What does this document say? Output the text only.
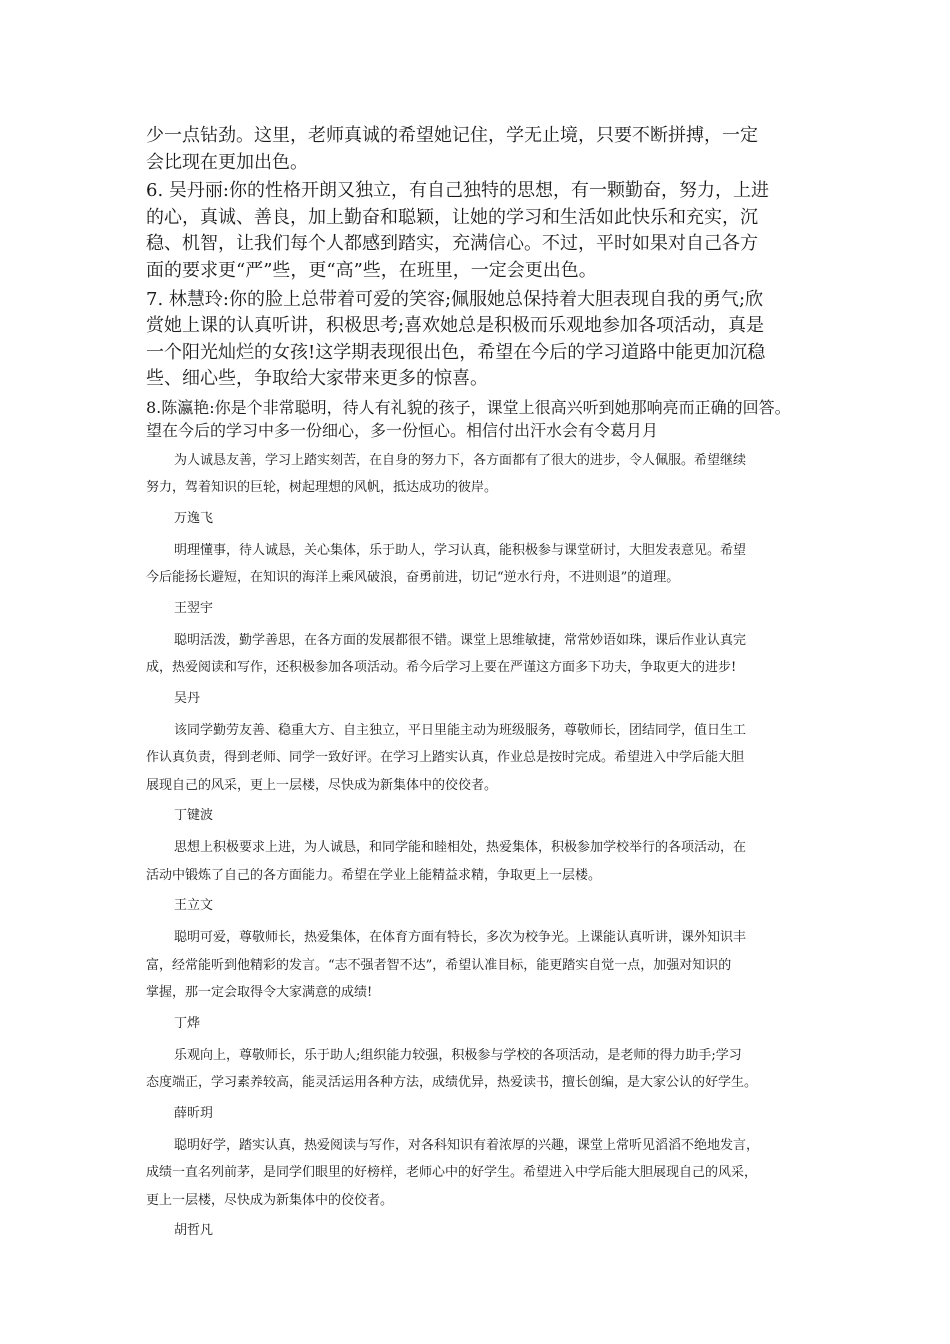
少一点钻劲。这里，老师真诚的希望她记住，学无止境，只要不断拼搏，一定

会比现在更加出色。

6. 吴丹丽:你的性格开朗又独立，有自己独特的思想，有一颗勤奋，努力，上进

的心，真诚、善良，加上勤奋和聪颖，让她的学习和生活如此快乐和充实，沉

稳、机智，让我们每个人都感到踏实，充满信心。不过，平时如果对自己各方

面的要求更“严”些，更“高”些，在班里，一定会更出色。

7. 林慧玲:你的脸上总带着可爱的笑容;佩服她总保持着大胆表现自我的勇气;欣

赏她上课的认真听讲，积极思考;喜欢她总是积极而乐观地参加各项活动，真是

一个阳光灿烂的女孩!这学期表现很出色，希望在今后的学习道路中能更加沉稳

些、细心些，争取给大家带来更多的惊喜。

8.陈瀛艳:你是个非常聪明，待人有礼貌的孩子，课堂上很高兴听到她那响亮而正确的回答。

望在今后的学习中多一份细心，多一份恒心。相信付出汗水会有令葛月月

为人诚恳友善，学习上踏实刻苦，在自身的努力下，各方面都有了很大的进步，令人佩服。希望继续

努力，驾着知识的巨轮，树起理想的风帆，抵达成功的彼岸。

万逸飞

明理懂事，待人诚恳，关心集体，乐于助人，学习认真，能积极参与课堂研讨，大胆发表意见。希望

今后能扬长避短，在知识的海洋上乘风破浪，奋勇前进，切记“逆水行舟，不进则退”的道理。

王翌宇

聪明活泼，勤学善思，在各方面的发展都很不错。课堂上思维敏捷，常常妙语如珠，课后作业认真完

成，热爱阅读和写作，还积极参加各项活动。希今后学习上要在严谨这方面多下功夫，争取更大的进步!

吴丹

该同学勤劳友善、稳重大方、自主独立，平日里能主动为班级服务，尊敬师长，团结同学，值日生工

作认真负责，得到老师、同学一致好评。在学习上踏实认真，作业总是按时完成。希望进入中学后能大胆

展现自己的风采，更上一层楼，尽快成为新集体中的佼佼者。

丁键波

思想上积极要求上进，为人诚恳，和同学能和睦相处，热爱集体，积极参加学校举行的各项活动，在

活动中锻炼了自己的各方面能力。希望在学业上能精益求精，争取更上一层楼。

王立文

聪明可爱，尊敬师长，热爱集体，在体育方面有特长，多次为校争光。上课能认真听讲，课外知识丰

富，经常能听到他精彩的发言。“志不强者智不达”，希望认准目标，能更踏实自觉一点，加强对知识的

掌握，那一定会取得令大家满意的成绩!

丁烨

乐观向上，尊敬师长，乐于助人;组织能力较强，积极参与学校的各项活动，是老师的得力助手;学习

态度端正，学习素养较高，能灵活运用各种方法，成绩优异，热爱读书，擅长创编，是大家公认的好学生。

薛昕玥

聪明好学，踏实认真，热爱阅读与写作，对各科知识有着浓厚的兴趣，课堂上常听见滔滔不绝地发言，

成绩一直名列前茅，是同学们眼里的好榜样，老师心中的好学生。希望进入中学后能大胆展现自己的风采，

更上一层楼，尽快成为新集体中的佼佼者。

胡哲凡
